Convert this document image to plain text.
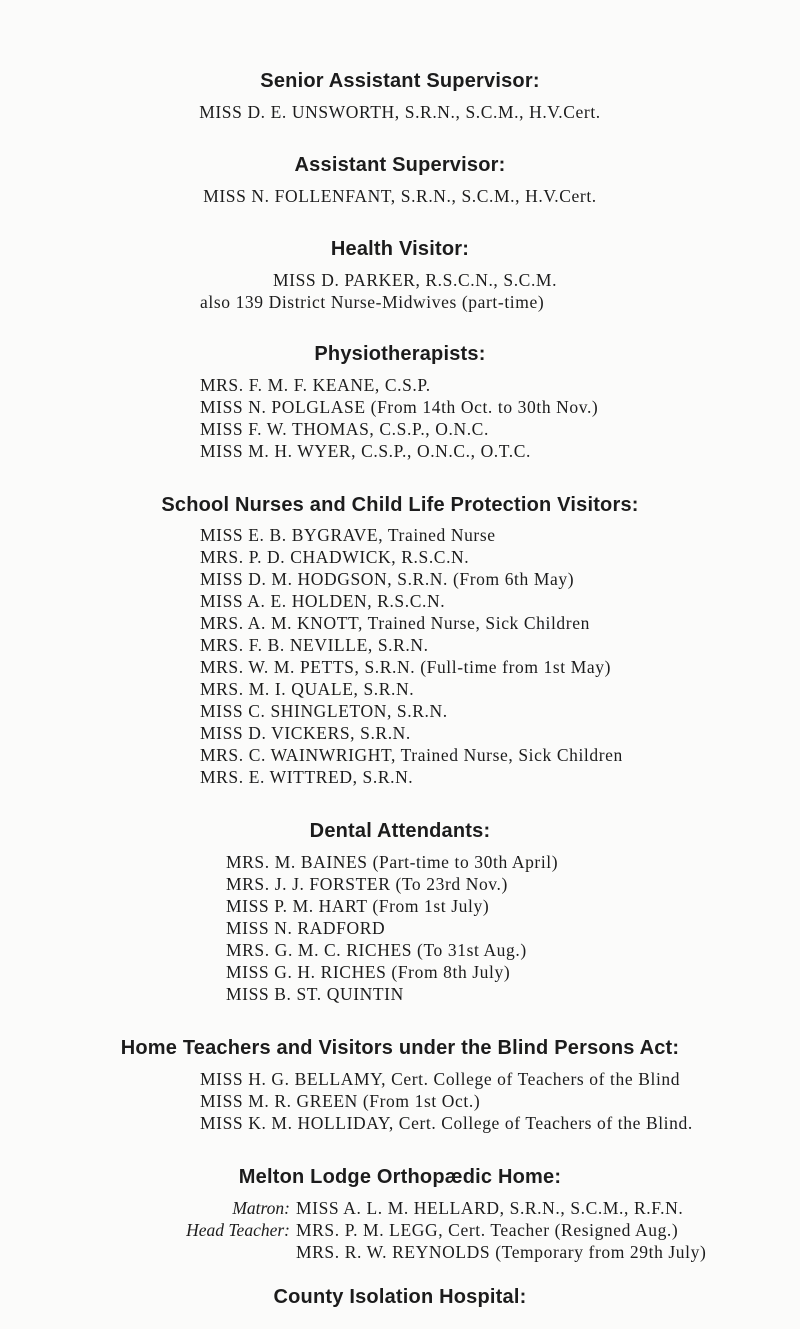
Senior Assistant Supervisor:
MISS D. E. UNSWORTH, S.R.N., S.C.M., H.V.Cert.
Assistant Supervisor:
MISS N. FOLLENFANT, S.R.N., S.C.M., H.V.Cert.
Health Visitor:
MISS D. PARKER, R.S.C.N., S.C.M.
also 139 District Nurse-Midwives (part-time)
Physiotherapists:
MRS. F. M. F. KEANE, C.S.P.
MISS N. POLGLASE (From 14th Oct. to 30th Nov.)
MISS F. W. THOMAS, C.S.P., O.N.C.
MISS M. H. WYER, C.S.P., O.N.C., O.T.C.
School Nurses and Child Life Protection Visitors:
MISS E. B. BYGRAVE, Trained Nurse
MRS. P. D. CHADWICK, R.S.C.N.
MISS D. M. HODGSON, S.R.N. (From 6th May)
MISS A. E. HOLDEN, R.S.C.N.
MRS. A. M. KNOTT, Trained Nurse, Sick Children
MRS. F. B. NEVILLE, S.R.N.
MRS. W. M. PETTS, S.R.N. (Full-time from 1st May)
MRS. M. I. QUALE, S.R.N.
MISS C. SHINGLETON, S.R.N.
MISS D. VICKERS, S.R.N.
MRS. C. WAINWRIGHT, Trained Nurse, Sick Children
MRS. E. WITTRED, S.R.N.
Dental Attendants:
MRS. M. BAINES (Part-time to 30th April)
MRS. J. J. FORSTER (To 23rd Nov.)
MISS P. M. HART (From 1st July)
MISS N. RADFORD
MRS. G. M. C. RICHES (To 31st Aug.)
MISS G. H. RICHES (From 8th July)
MISS B. ST. QUINTIN
Home Teachers and Visitors under the Blind Persons Act:
MISS H. G. BELLAMY, Cert. College of Teachers of the Blind
MISS M. R. GREEN (From 1st Oct.)
MISS K. M. HOLLIDAY, Cert. College of Teachers of the Blind.
Melton Lodge Orthopædic Home:
Matron: MISS A. L. M. HELLARD, S.R.N., S.C.M., R.F.N.
Head Teacher: MRS. P. M. LEGG, Cert. Teacher (Resigned Aug.)
MRS. R. W. REYNOLDS (Temporary from 29th July)
County Isolation Hospital:
